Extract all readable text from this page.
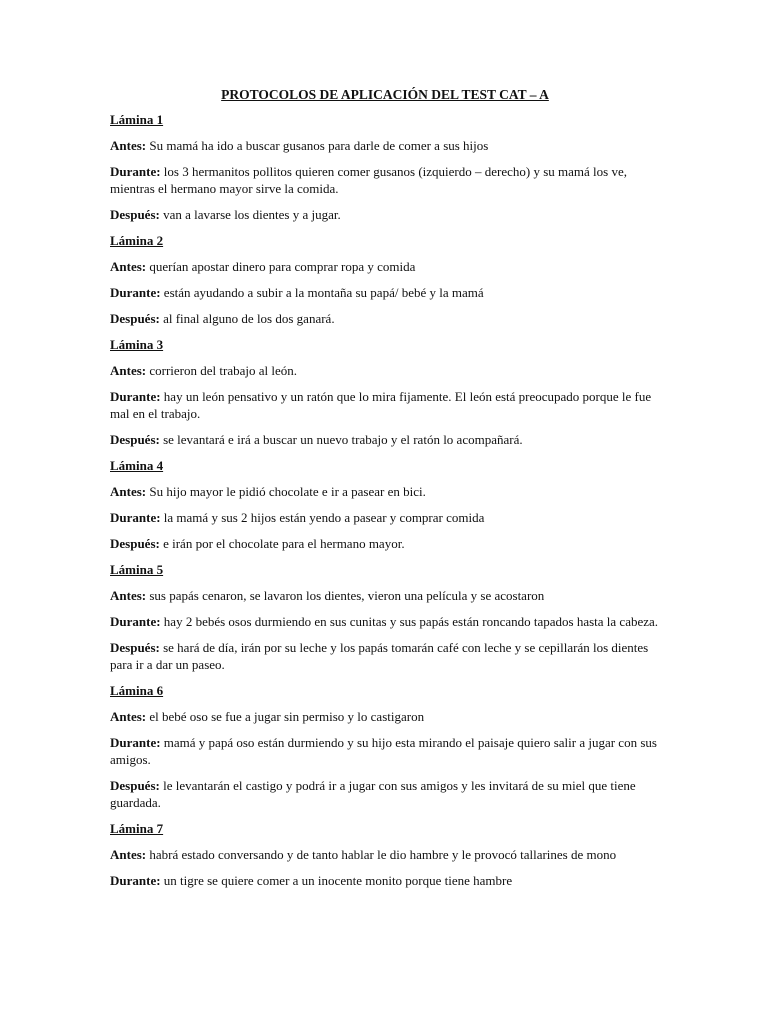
PROTOCOLOS DE APLICACIÓN DEL TEST CAT – A
Lámina 1
Antes: Su mamá ha ido a buscar gusanos para darle de comer a sus hijos
Durante: los 3 hermanitos pollitos quieren comer gusanos (izquierdo – derecho) y su mamá los ve, mientras el hermano mayor sirve la comida.
Después: van a lavarse los dientes y a jugar.
Lámina 2
Antes: querían apostar dinero para comprar ropa y comida
Durante: están ayudando a subir a la montaña su papá/ bebé y la mamá
Después: al final alguno de los dos ganará.
Lámina 3
Antes: corrieron del trabajo al león.
Durante: hay un león pensativo y un ratón que lo mira fijamente. El león está preocupado porque le fue mal en el trabajo.
Después: se levantará e irá a buscar un nuevo trabajo y el ratón lo acompañará.
Lámina 4
Antes: Su hijo mayor le pidió chocolate e ir a pasear en bici.
Durante: la mamá y sus 2 hijos están yendo a pasear y comprar comida
Después: e irán por el chocolate para el hermano mayor.
Lámina 5
Antes: sus papás cenaron, se lavaron los dientes, vieron una película y se acostaron
Durante: hay 2 bebés osos durmiendo en sus cunitas y sus papás están roncando tapados hasta la cabeza.
Después: se hará de día, irán por su leche y los papás tomarán café con leche y se cepillarán los dientes para ir a dar un paseo.
Lámina 6
Antes: el bebé oso se fue a jugar sin permiso y lo castigaron
Durante: mamá y papá oso están durmiendo y su hijo esta mirando el paisaje quiero salir a jugar con sus amigos.
Después: le levantarán el castigo y podrá ir a jugar con sus amigos y les invitará de su miel que tiene guardada.
Lámina 7
Antes: habrá estado conversando y de tanto hablar le dio hambre y le provocó tallarines de mono
Durante: un tigre se quiere comer a un inocente monito porque tiene hambre
